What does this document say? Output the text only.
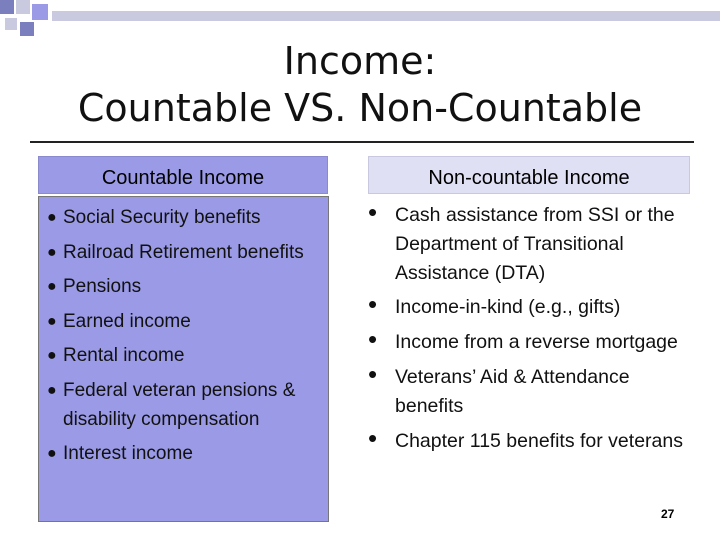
Income:
Countable VS. Non-Countable
Countable Income	Non-countable Income
● Social Security benefits
● Railroad Retirement benefits
● Pensions
● Earned income
● Rental income
● Federal veteran pensions & disability compensation
● Interest income
• Cash assistance from SSI or the Department of Transitional Assistance (DTA)
• Income-in-kind (e.g., gifts)
• Income from a reverse mortgage
• Veterans’ Aid & Attendance benefits
• Chapter 115 benefits for veterans
27
